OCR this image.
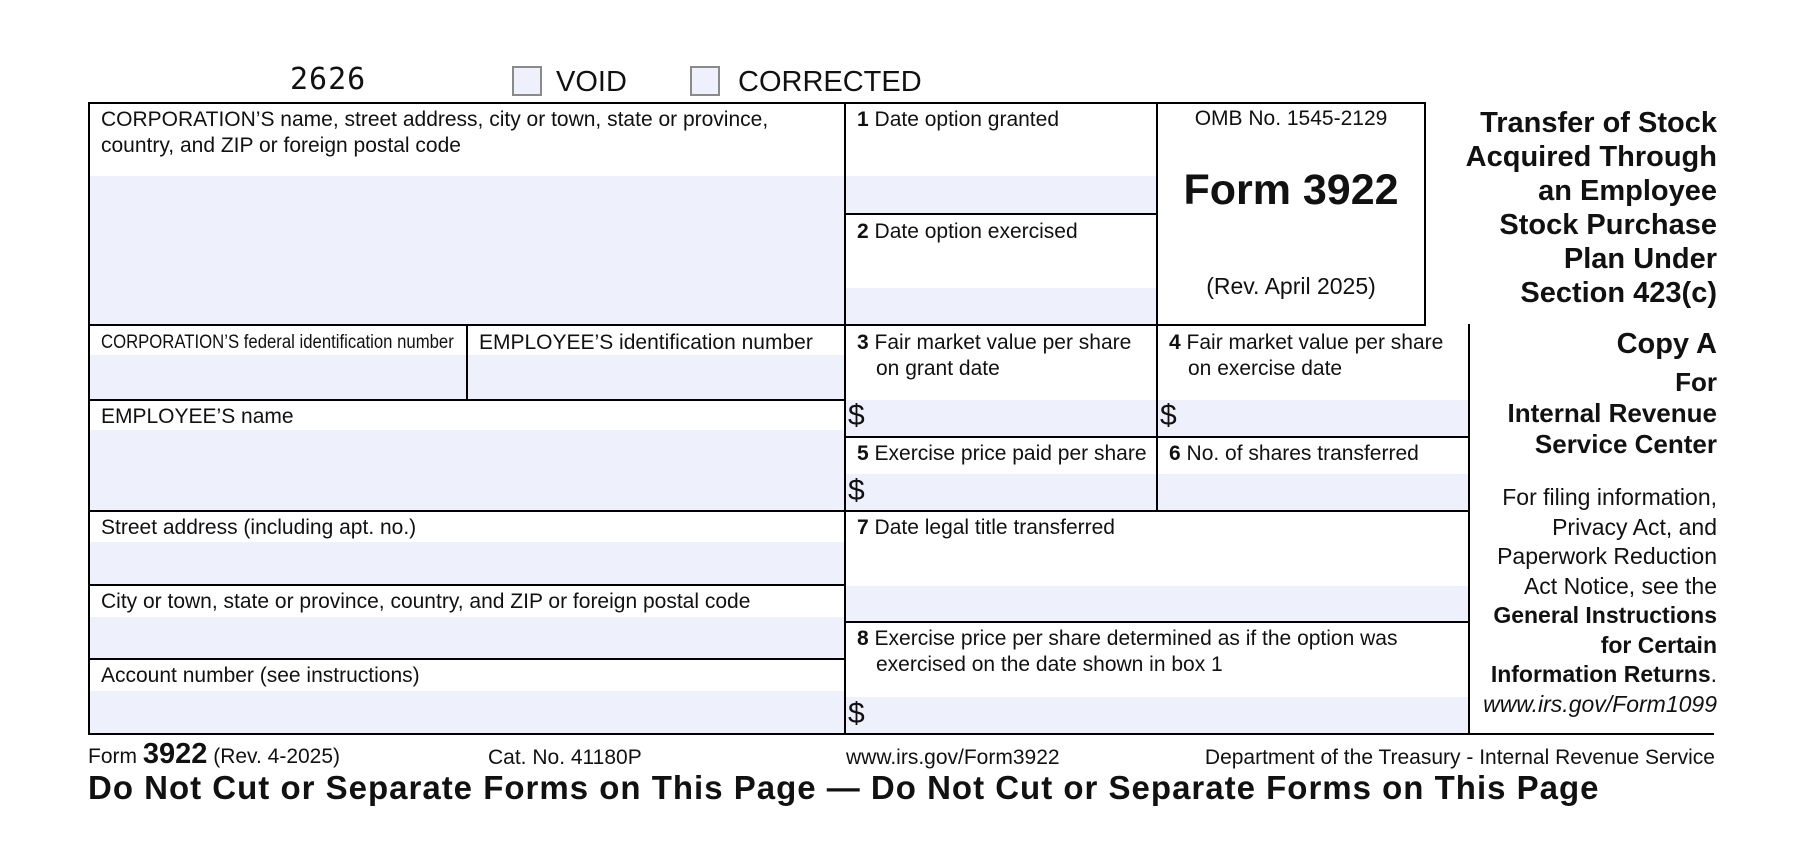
2626	VOID	CORRECTED
CORPORATION’S name, street address, city or town, state or province,
country, and ZIP or foreign postal code
CORPORATION’S federal identification number EMPLOYEE’S identification number
EMPLOYEE’S name
Street address (including apt. no.)
City or town, state or province, country, and ZIP or foreign postal code
Account number (see instructions)
1 Date option granted
2 Date option exercised
3 Fair market value per share
on grant date
$
4 Fair market value per share
on exercise date
$
5 Exercise price paid per share
$
6 No. of shares transferred
7 Date legal title transferred
8 Exercise price per share determined as if the option was
exercised on the date shown in box 1
$
OMB No. 1545-2129
Form 3922
(Rev. April 2025)
Transfer of Stock
Acquired Through
an Employee
Stock Purchase
Plan Under
Section 423(c)
Copy A
For
Internal Revenue
Service Center
For filing information,
Privacy Act, and
Paperwork Reduction
Act Notice, see the
General Instructions
for Certain
Information Returns.
www.irs.gov/Form1099
Form 3922 (Rev. 4-2025)	Cat. No. 41180P	www.irs.gov/Form3922	Department of the Treasury - Internal Revenue Service
Do Not Cut or Separate Forms on This Page — Do Not Cut or Separate Forms on This Page
